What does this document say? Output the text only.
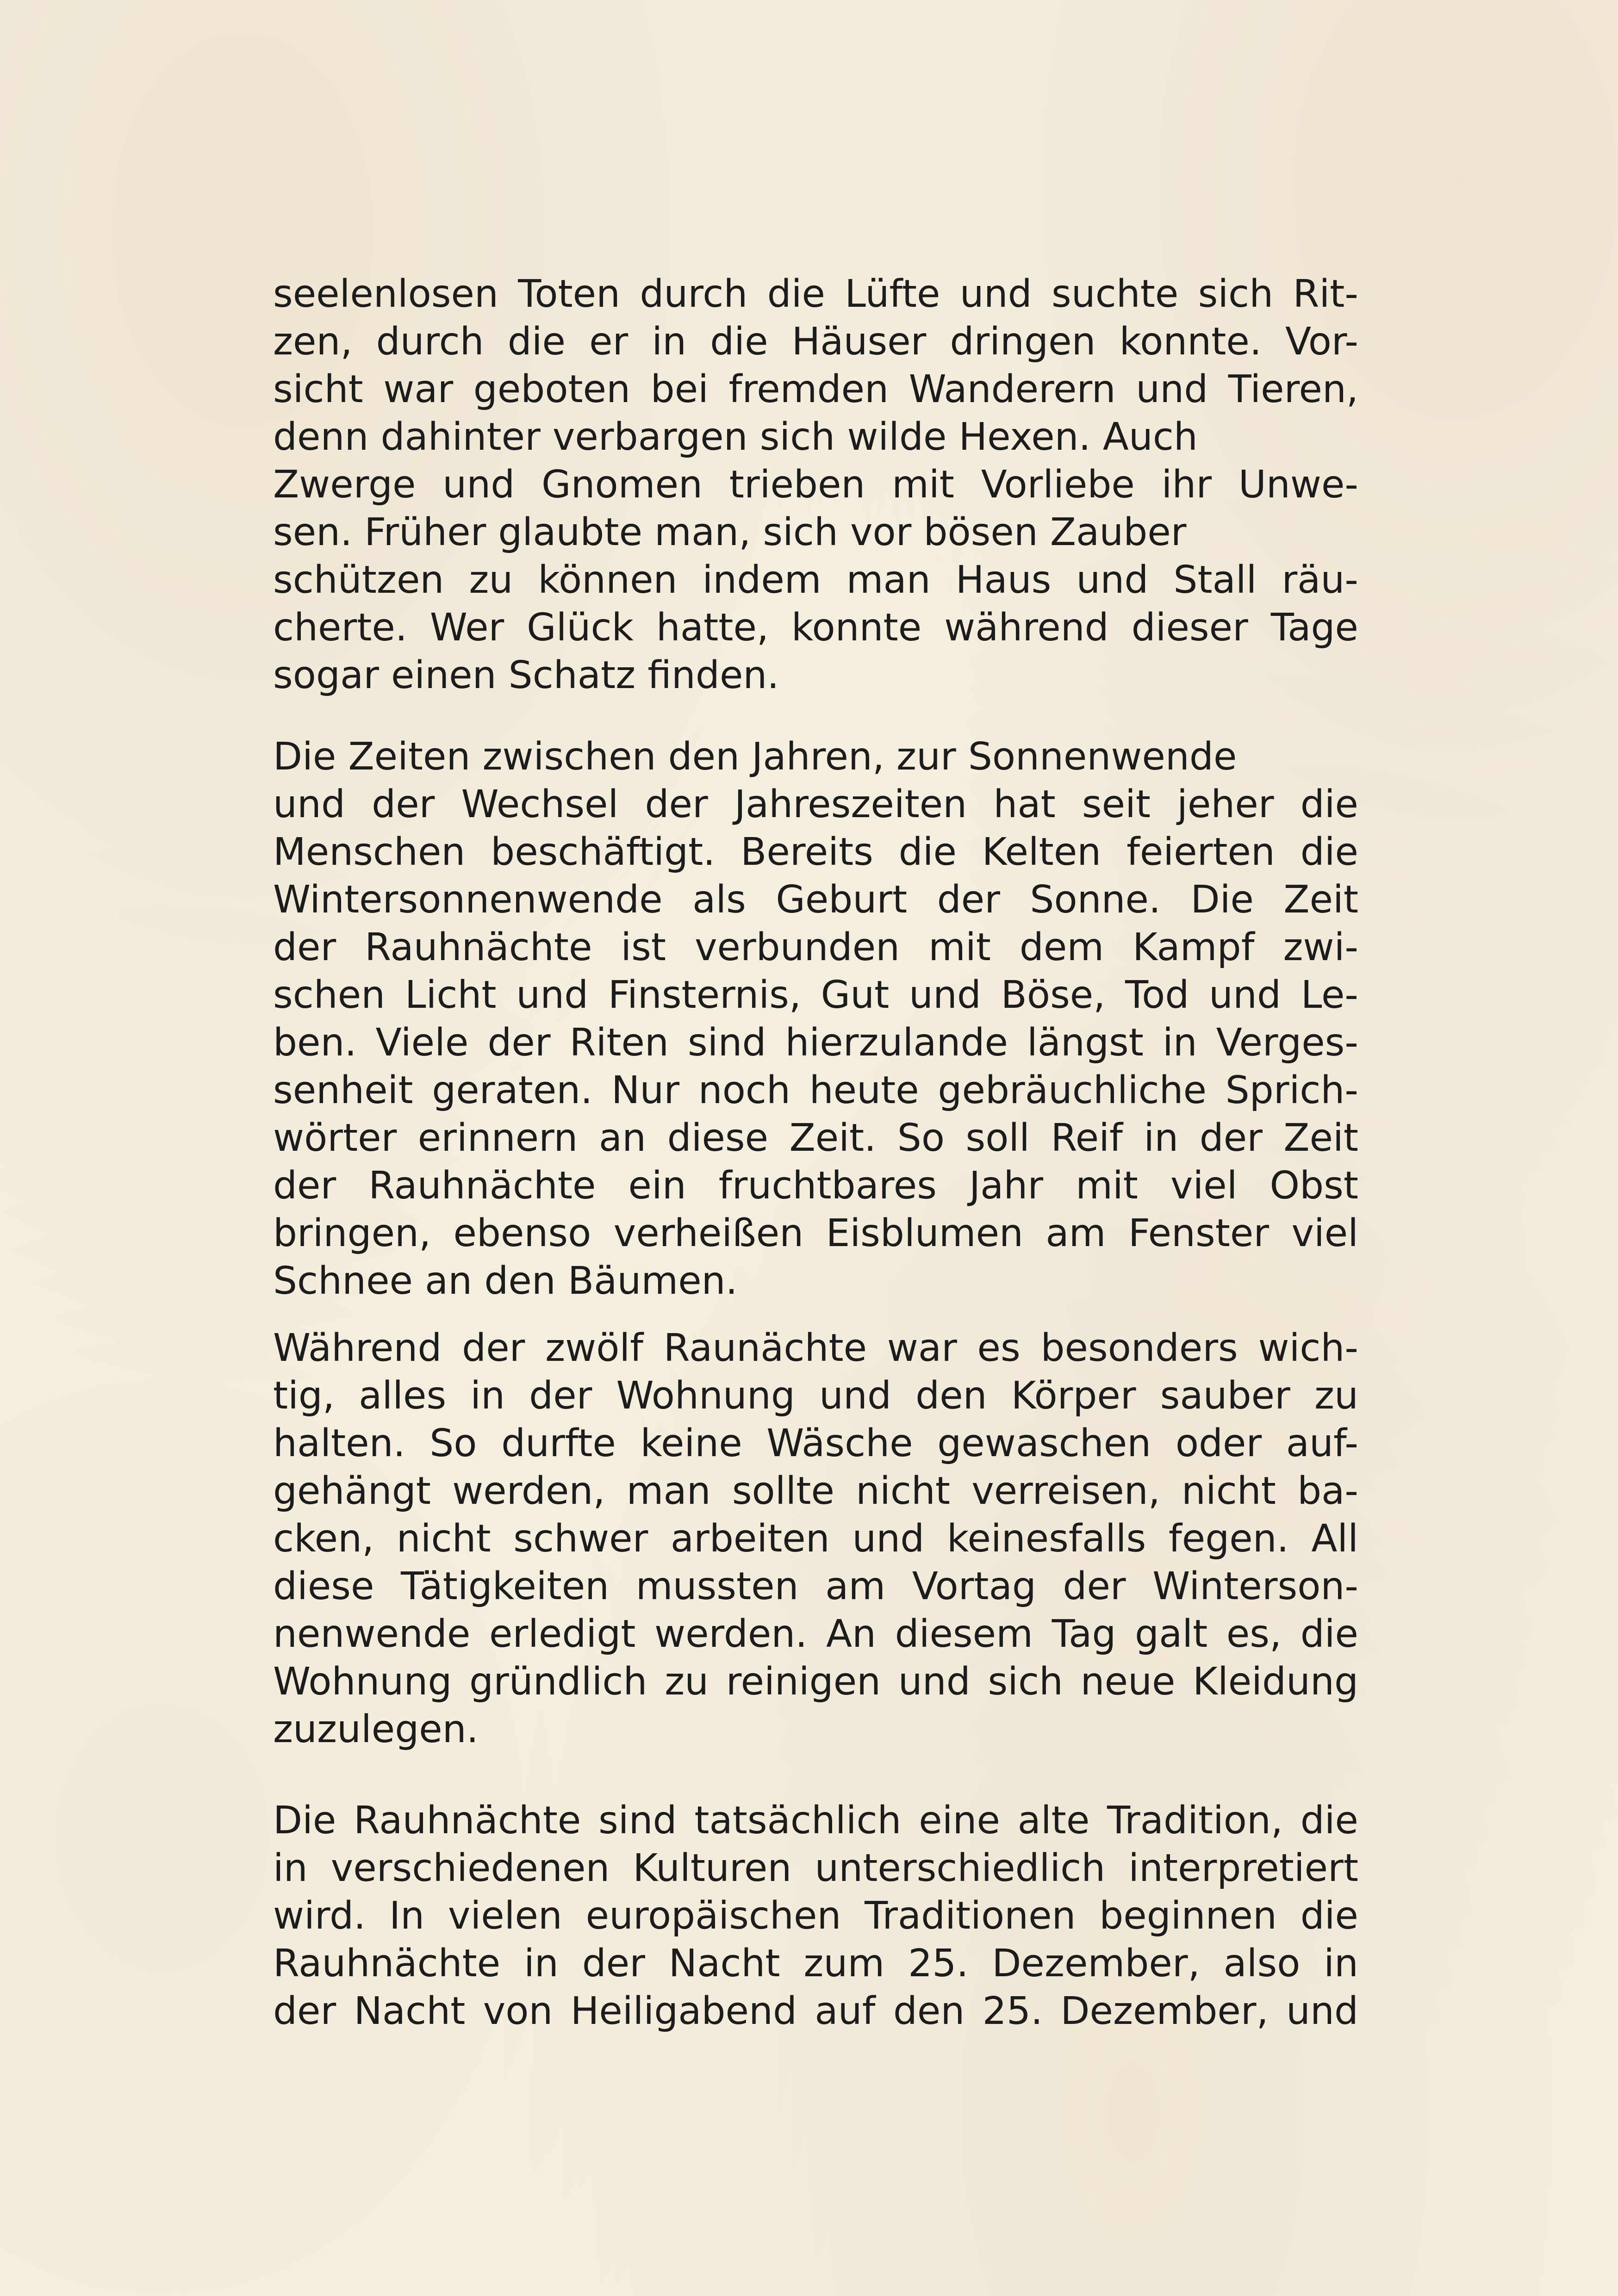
seelenlosen Toten durch die Lüfte und suchte sich Rit-
zen, durch die er in die Häuser dringen konnte. Vor-
sicht war geboten bei fremden Wanderern und Tieren,
denn dahinter verbargen sich wilde Hexen. Auch
Zwerge und Gnomen trieben mit Vorliebe ihr Unwe-
sen. Früher glaubte man, sich vor bösen Zauber
schützen zu können indem man Haus und Stall räu-
cherte. Wer Glück hatte, konnte während dieser Tage
sogar einen Schatz finden.
Die Zeiten zwischen den Jahren, zur Sonnenwende
und der Wechsel der Jahreszeiten hat seit jeher die
Menschen beschäftigt. Bereits die Kelten feierten die
Wintersonnenwende als Geburt der Sonne. Die Zeit
der Rauhnächte ist verbunden mit dem Kampf zwi-
schen Licht und Finsternis, Gut und Böse, Tod und Le-
ben. Viele der Riten sind hierzulande längst in Verges-
senheit geraten. Nur noch heute gebräuchliche Sprich-
wörter erinnern an diese Zeit. So soll Reif in der Zeit
der Rauhnächte ein fruchtbares Jahr mit viel Obst
bringen, ebenso verheißen Eisblumen am Fenster viel
Schnee an den Bäumen.
Während der zwölf Raunächte war es besonders wich-
tig, alles in der Wohnung und den Körper sauber zu
halten. So durfte keine Wäsche gewaschen oder auf-
gehängt werden, man sollte nicht verreisen, nicht ba-
cken, nicht schwer arbeiten und keinesfalls fegen. All
diese Tätigkeiten mussten am Vortag der Winterson-
nenwende erledigt werden. An diesem Tag galt es, die
Wohnung gründlich zu reinigen und sich neue Kleidung
zuzulegen.
Die Rauhnächte sind tatsächlich eine alte Tradition, die
in verschiedenen Kulturen unterschiedlich interpretiert
wird. In vielen europäischen Traditionen beginnen die
Rauhnächte in der Nacht zum 25. Dezember, also in
der Nacht von Heiligabend auf den 25. Dezember, und
